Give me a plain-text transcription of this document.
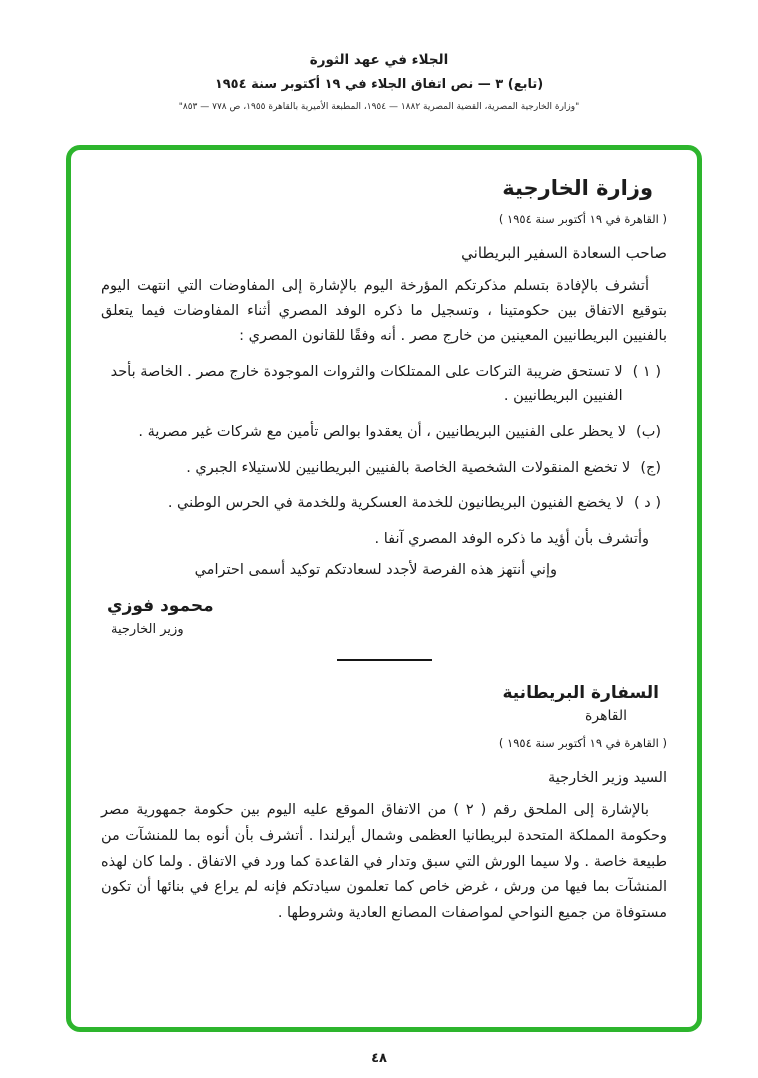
الجلاء في عهد الثورة
(تابع) ٣ — نص اتفاق الجلاء في ١٩ أكتوبر سنة ١٩٥٤
"وزارة الخارجية المصرية، القضية المصرية ١٨٨٢ — ١٩٥٤، المطبعة الأميرية بالقاهرة ١٩٥٥، ص ٧٧٨ — ٨٥٣"
وزارة الخارجية
( القاهرة في ١٩ أكتوبر سنة ١٩٥٤ )
صاحب السعادة السفير البريطاني

أتشرف بالإفادة بتسلم مذكرتكم المؤرخة اليوم بالإشارة إلى المفاوضات التي انتهت اليوم بتوقيع الاتفاق بين حكومتينا ، وتسجيل ما ذكره الوفد المصري أثناء المفاوضات فيما يتعلق بالفنيين البريطانيين المعينين من خارج مصر . أنه وفقًا للقانون المصري :

( ١ )
لا تستحق ضريبة التركات على الممتلكات والثروات الموجودة خارج مصر . الخاصة بأحد الفنيين البريطانيين .
(ب)
لا يحظر على الفنيين البريطانيين ، أن يعقدوا بوالص تأمين مع شركات غير مصرية .
(ج)
لا تخضع المنقولات الشخصية الخاصة بالفنيين البريطانيين للاستيلاء الجبري .
( د )
لا يخضع الفنيون البريطانيون للخدمة العسكرية وللخدمة في الحرس الوطني .
وأتشرف بأن أؤيد ما ذكره الوفد المصري آنفا .
وإني أنتهز هذه الفرصة لأجدد لسعادتكم توكيد أسمى احترامي
محمود فوزي
وزير الخارجية
السفارة البريطانية
القاهرة
( القاهرة في ١٩ أكتوبر سنة ١٩٥٤ )
السيد وزير الخارجية

بالإشارة إلى الملحق رقم ( ٢ ) من الاتفاق الموقع عليه اليوم بين حكومة جمهورية مصر وحكومة المملكة المتحدة لبريطانيا العظمى وشمال أيرلندا . أتشرف بأن أنوه بما للمنشآت من طبيعة خاصة . ولا سيما الورش التي سبق وتدار في القاعدة كما ورد في الاتفاق . ولما كان لهذه المنشآت بما فيها من ورش ، غرض خاص كما تعلمون سيادتكم فإنه لم يراع في بنائها أن تكون مستوفاة من جميع النواحي لمواصفات المصانع العادية وشروطها .

٤٨
